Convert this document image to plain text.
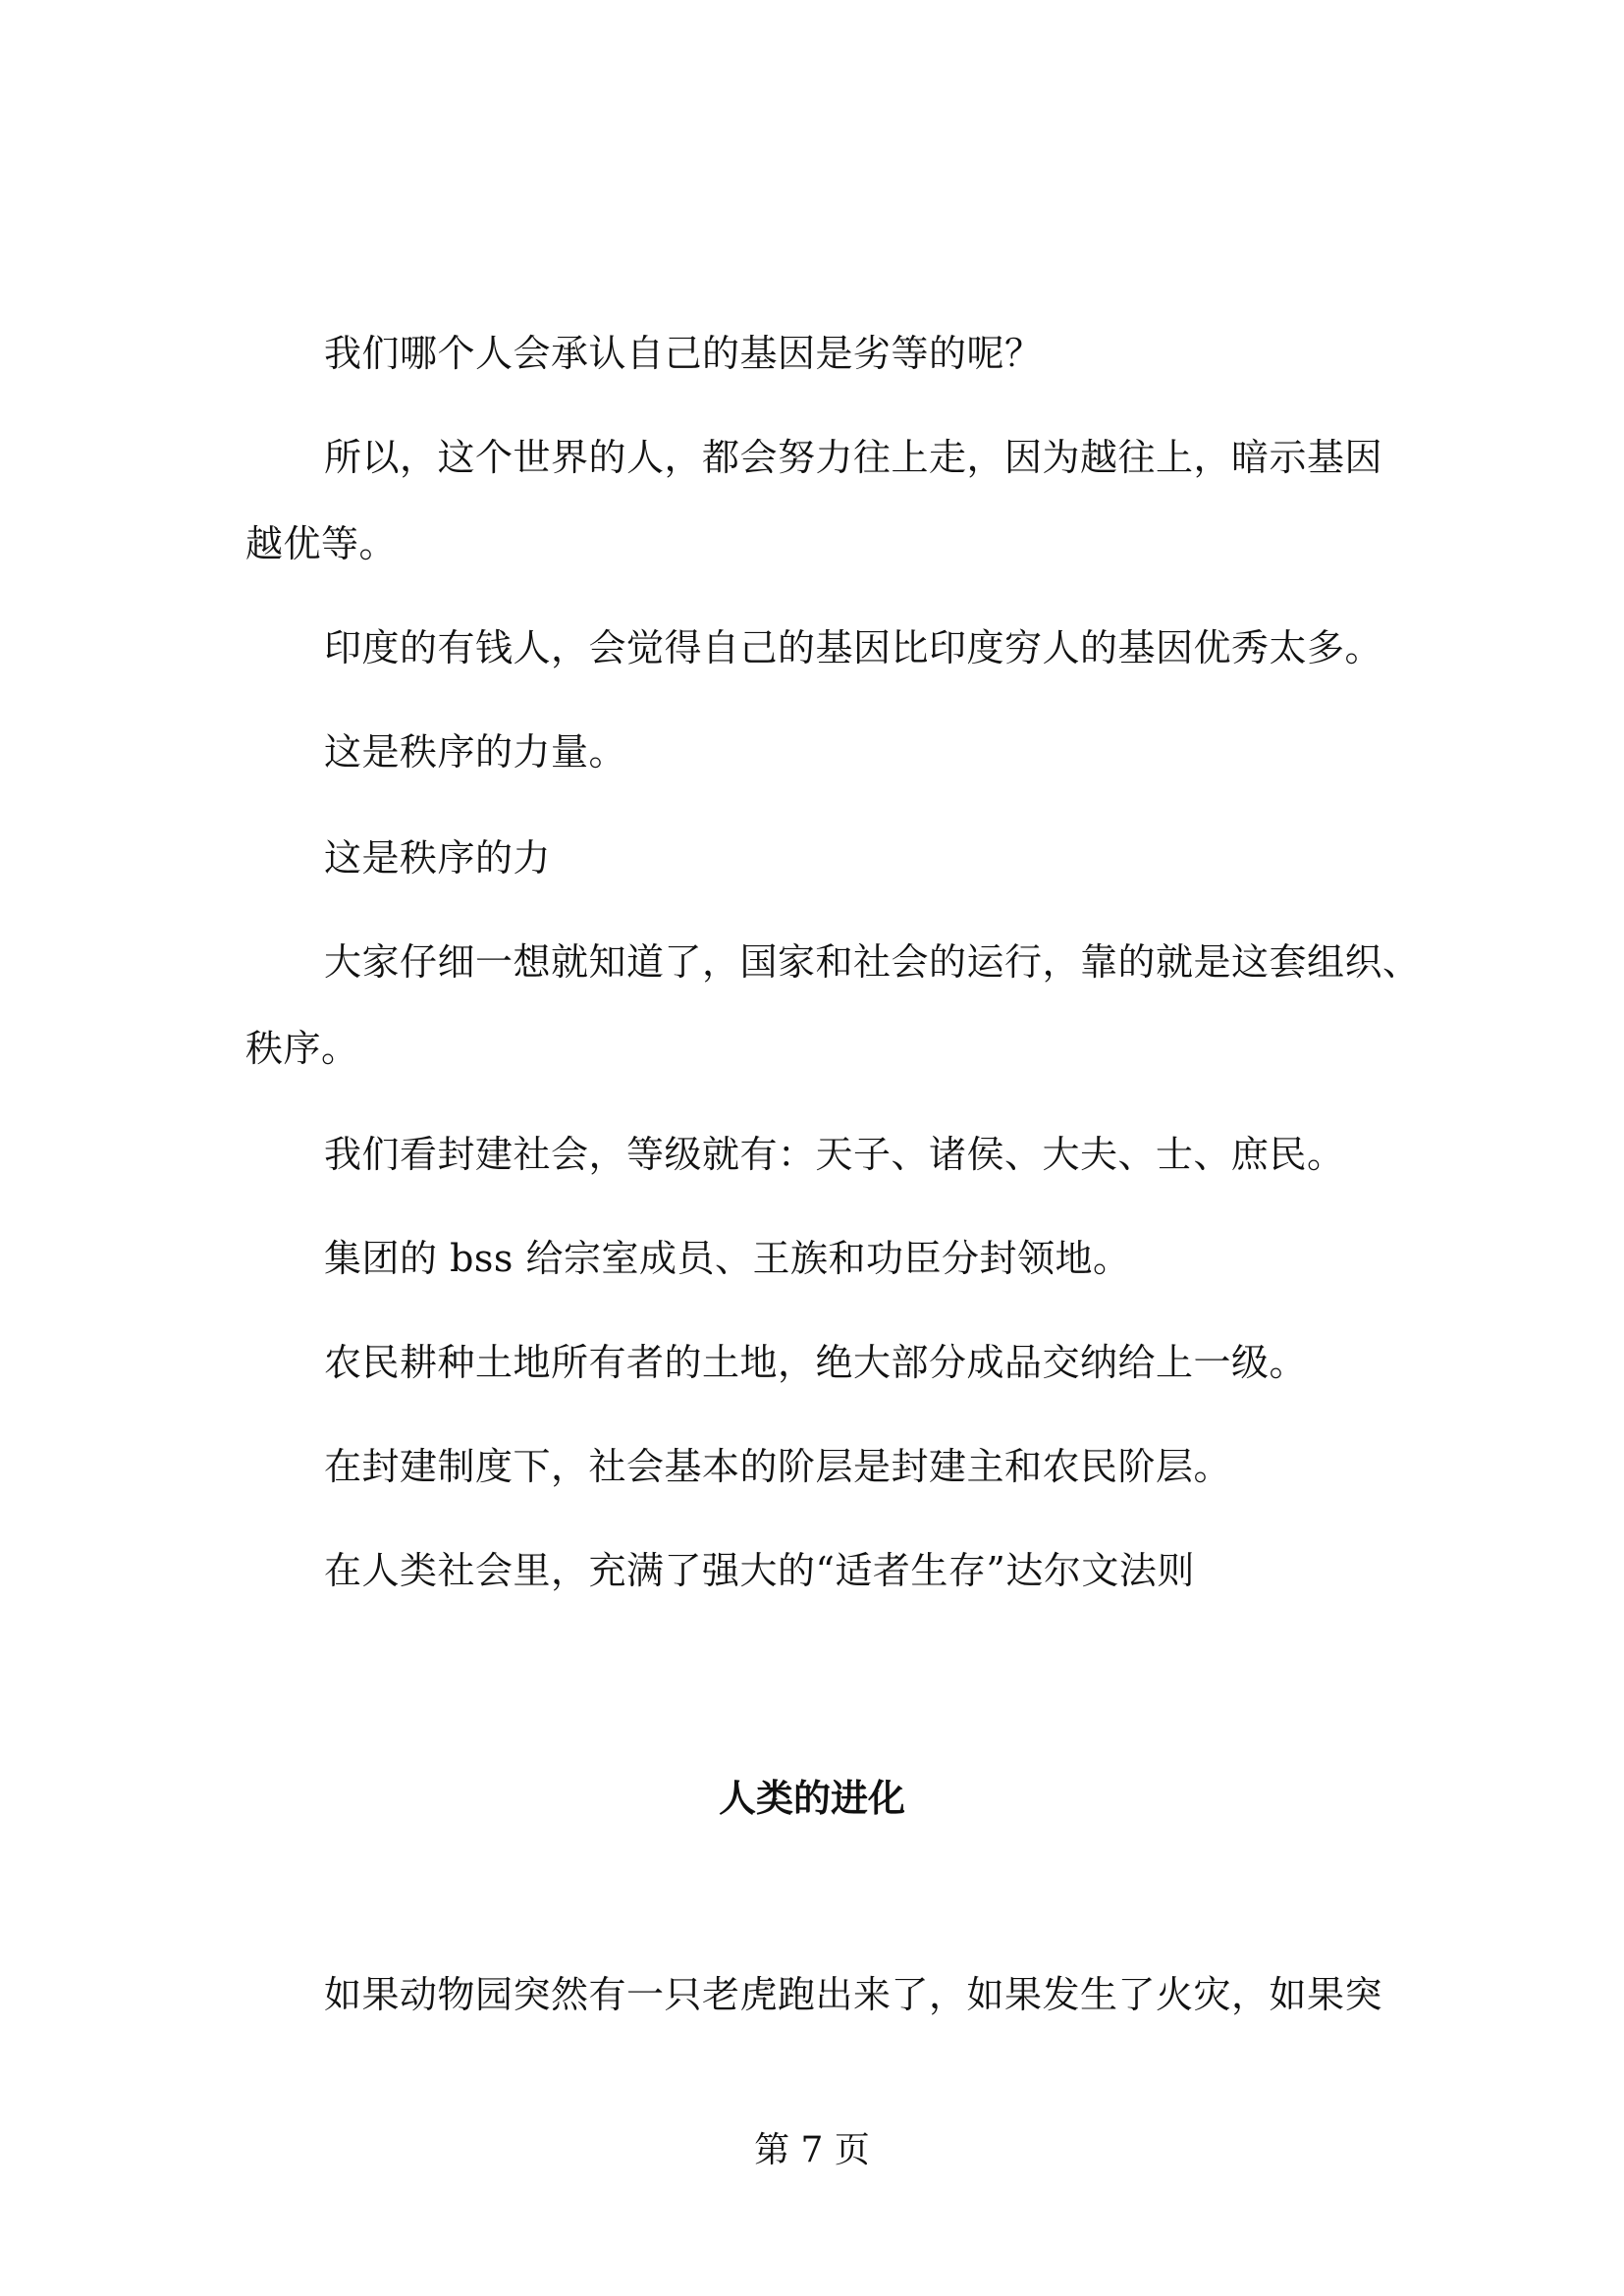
我们哪个人会承认自己的基因是劣等的呢？
所以，这个世界的人，都会努力往上走，因为越往上，暗示基因
越优等。
印度的有钱人，会觉得自己的基因比印度穷人的基因优秀太多。
这是秩序的力量。
这是秩序的力
大家仔细一想就知道了，国家和社会的运行，靠的就是这套组织、
秩序。
我们看封建社会，等级就有：天子、诸侯、大夫、士、庶民。
集团的 bss 给宗室成员、王族和功臣分封领地。
农民耕种土地所有者的土地，绝大部分成品交纳给上一级。
在封建制度下，社会基本的阶层是封建主和农民阶层。
在人类社会里，充满了强大的“适者生存”达尔文法则
人类的进化
如果动物园突然有一只老虎跑出来了，如果发生了火灾，如果突
第 7 页
